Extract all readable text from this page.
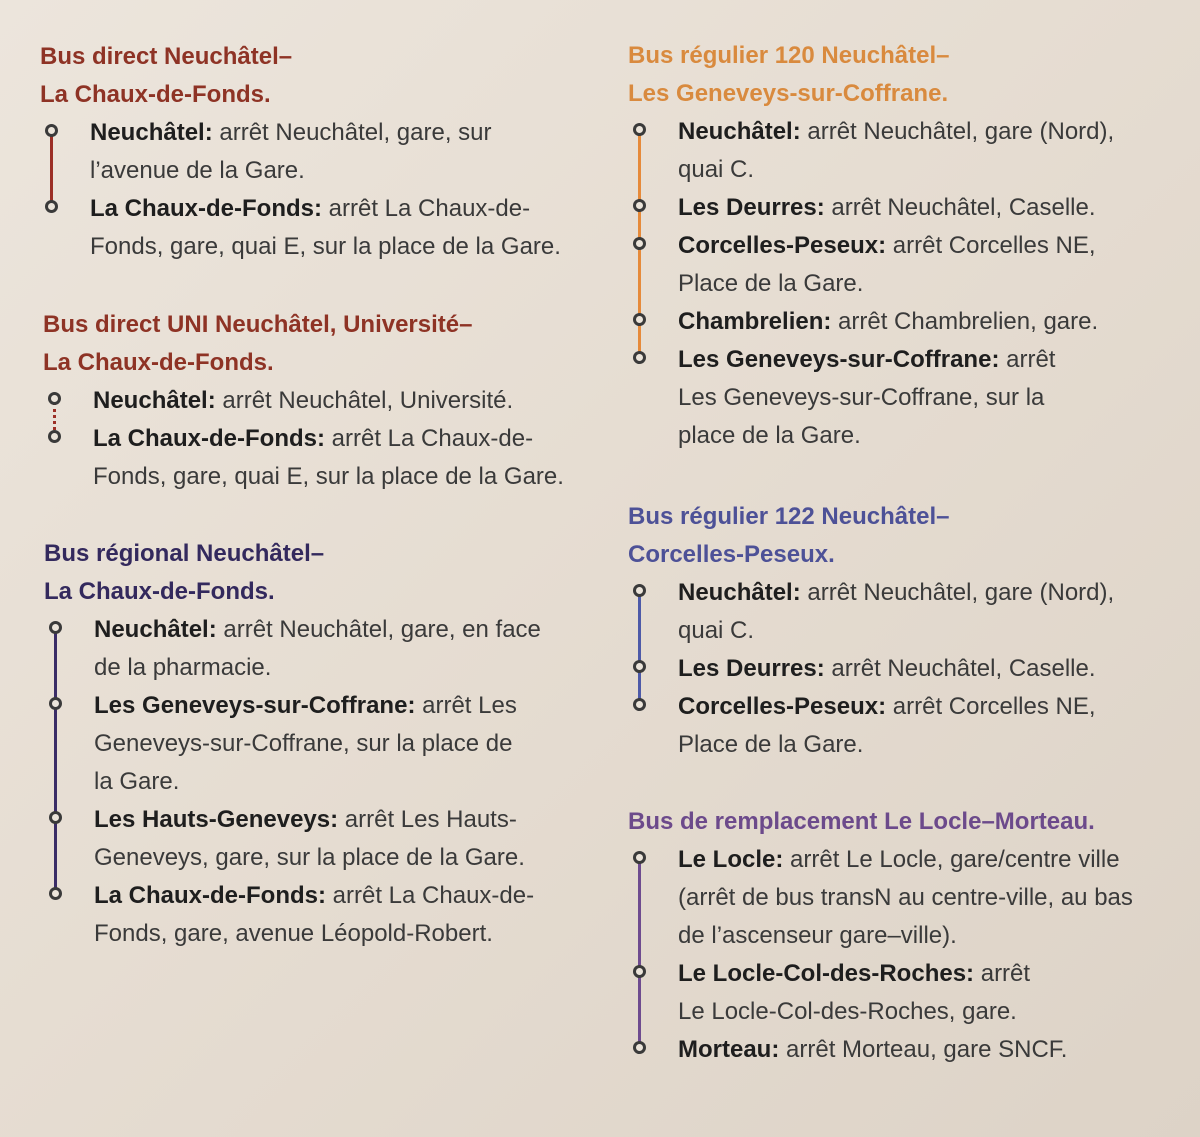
Bus direct Neuchâtel–

La Chaux-de-Fonds.

Neuchâtel: arrêt Neuchâtel, gare, sur
l’avenue de la Gare.

La Chaux-de-Fonds: arrêt La Chaux-de-
Fonds, gare, quai E, sur la place de la Gare.

Bus direct UNI Neuchâtel, Université–

La Chaux-de-Fonds.

Neuchâtel: arrêt Neuchâtel, Université.

La Chaux-de-Fonds: arrêt La Chaux-de-
Fonds, gare, quai E, sur la place de la Gare.

Bus régional Neuchâtel–

La Chaux-de-Fonds.

Neuchâtel: arrêt Neuchâtel, gare, en face
de la pharmacie.

Les Geneveys-sur-Coffrane: arrêt Les
Geneveys-sur-Coffrane, sur la place de
la Gare.

Les Hauts-Geneveys: arrêt Les Hauts-
Geneveys, gare, sur la place de la Gare.

La Chaux-de-Fonds: arrêt La Chaux-de-
Fonds, gare, avenue Léopold-Robert.

Bus régulier 120 Neuchâtel–

Les Geneveys-sur-Coffrane.

Neuchâtel: arrêt Neuchâtel, gare (Nord),
quai C.

Les Deurres: arrêt Neuchâtel, Caselle.

Corcelles-Peseux: arrêt Corcelles NE,
Place de la Gare.

Chambrelien: arrêt Chambrelien, gare.

Les Geneveys-sur-Coffrane: arrêt
Les Geneveys-sur-Coffrane, sur la
place de la Gare.

Bus régulier 122 Neuchâtel–

Corcelles-Peseux.

Neuchâtel: arrêt Neuchâtel, gare (Nord),
quai C.

Les Deurres: arrêt Neuchâtel, Caselle.

Corcelles-Peseux: arrêt Corcelles NE,
Place de la Gare.

Bus de remplacement Le Locle–Morteau.

Le Locle: arrêt Le Locle, gare/centre ville
(arrêt de bus transN au centre-ville, au bas
de l’ascenseur gare–ville).

Le Locle-Col-des-Roches: arrêt
Le Locle-Col-des-Roches, gare.

Morteau: arrêt Morteau, gare SNCF.
